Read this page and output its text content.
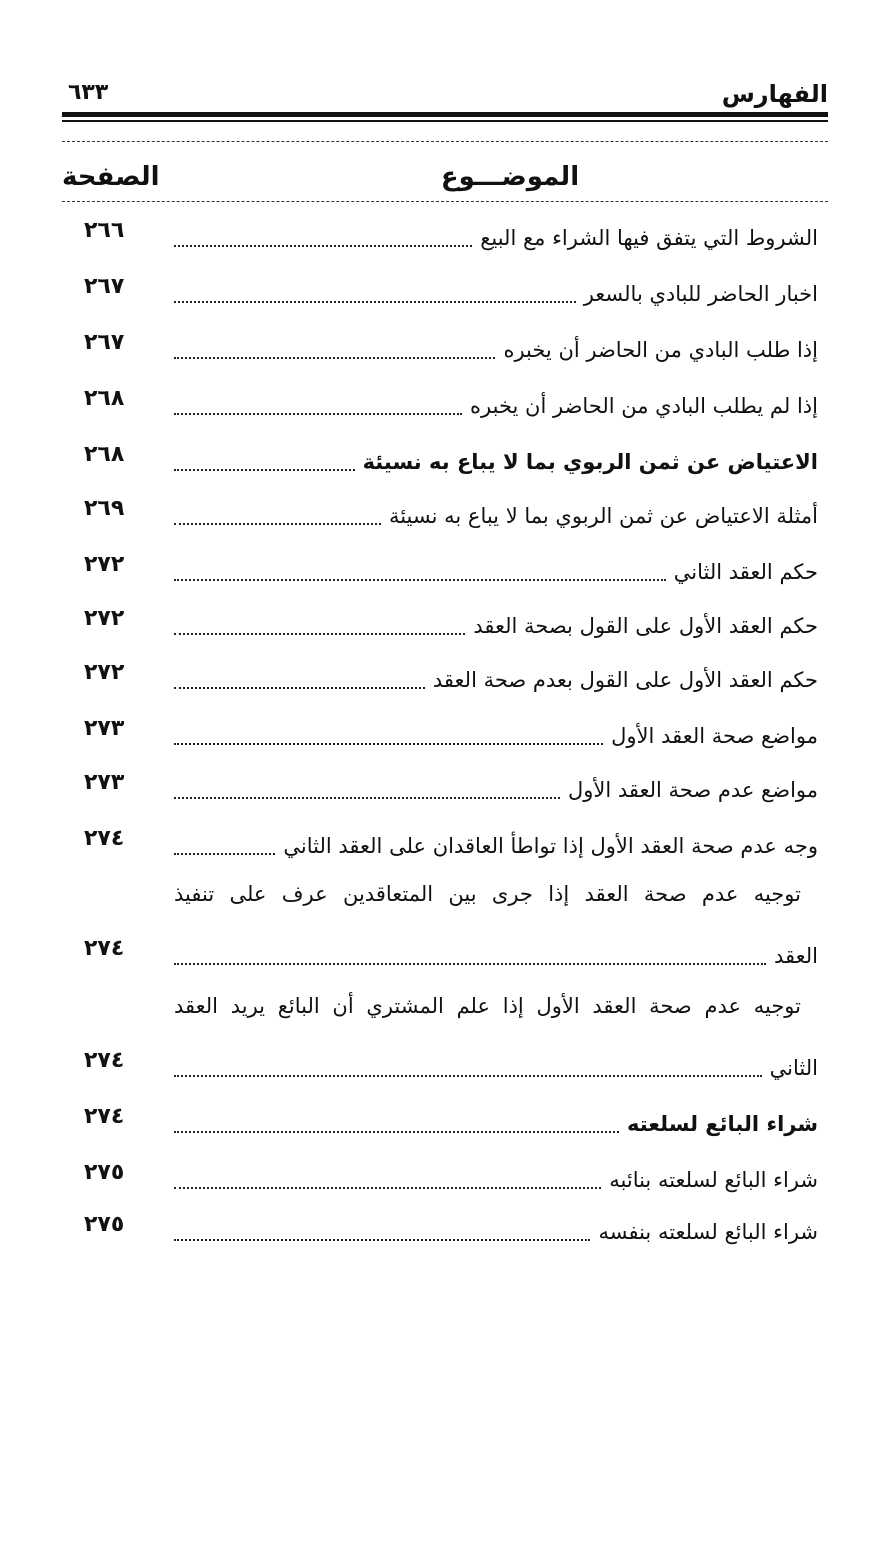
الفهارس
٦٣٣
الموضـــوع
الصفحة
الشروط التي يتفق فيها الشراء مع البيع
٢٦٦
اخبار الحاضر للبادي بالسعر
٢٦٧
إذا طلب البادي من الحاضر أن يخبره
٢٦٧
إذا لم يطلب البادي من الحاضر أن يخبره
٢٦٨
الاعتياض عن ثمن الربوي بما لا يباع به نسيئة
٢٦٨
أمثلة الاعتياض عن ثمن الربوي بما لا يباع به نسيئة
٢٦٩
حكم العقد الثاني
٢٧٢
حكم العقد الأول على القول بصحة العقد
٢٧٢
حكم العقد الأول على القول بعدم صحة العقد
٢٧٢
مواضع صحة العقد الأول
٢٧٣
مواضع عدم صحة العقد الأول
٢٧٣
وجه عدم صحة العقد الأول إذا تواطأ العاقدان على العقد الثاني
٢٧٤
توجيه عدم صحة العقد إذا جرى بين المتعاقدين عرف على تنفيذ
العقد
٢٧٤
توجيه عدم صحة العقد الأول إذا علم المشتري أن البائع يريد العقد
الثاني
٢٧٤
شراء البائع لسلعته
٢٧٤
شراء البائع لسلعته بنائبه
٢٧٥
شراء البائع لسلعته بنفسه
٢٧٥
